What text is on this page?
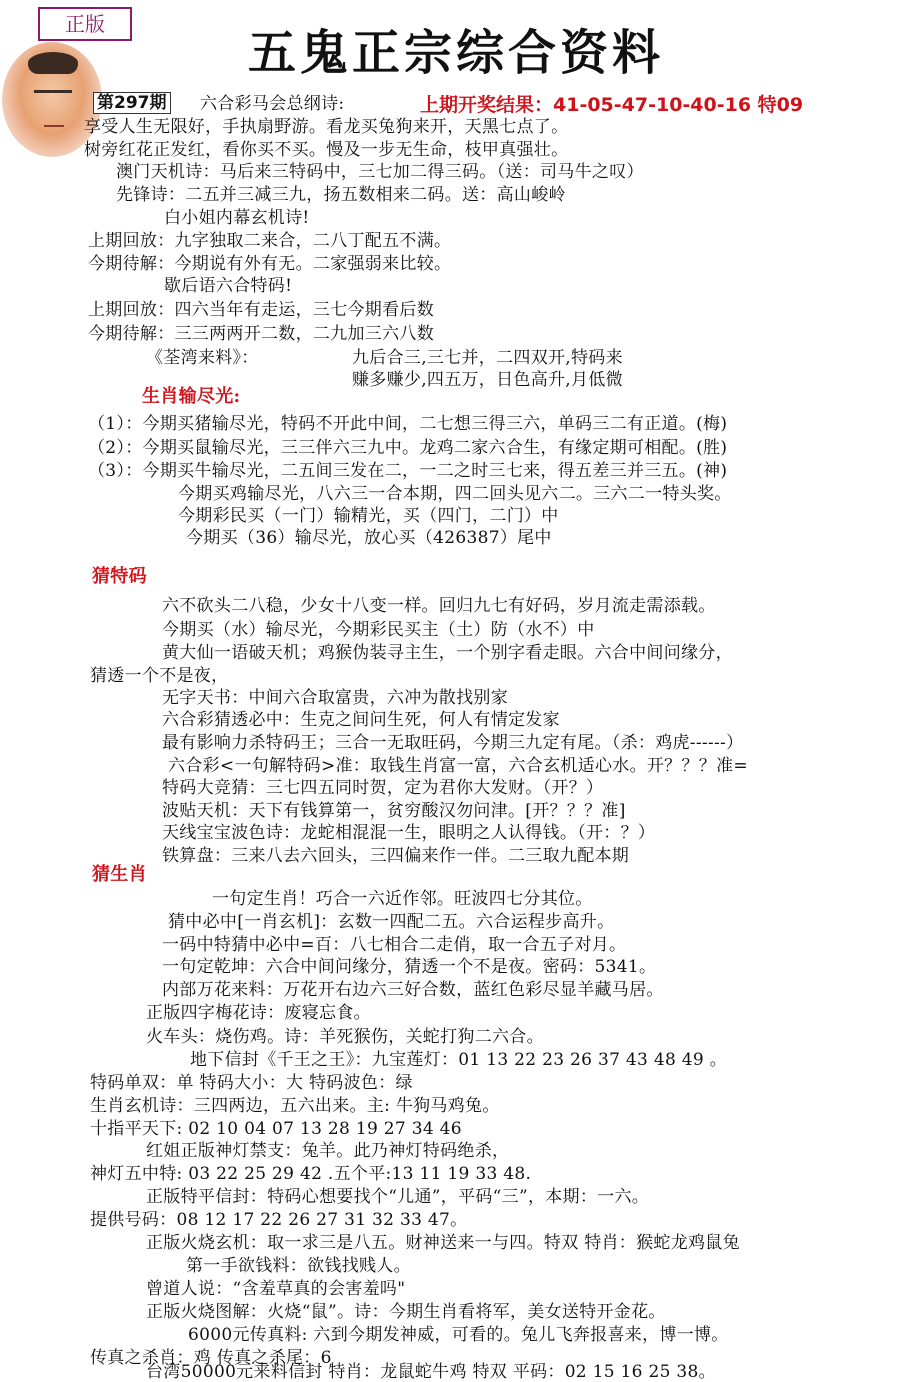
正版
五鬼正宗综合资料
第297期	上期开奖结果：41-05-47-10-40-16 特09
六合彩马会总纲诗:
享受人生无限好，手执扇野游。看龙买兔狗来开，天黑七点了。
树旁红花正发红，看你买不买。慢及一步无生命，枝甲真强壮。
澳门天机诗：马后来三特码中，三七加二得三码。（送：司马牛之叹）
先锋诗：二五并三减三九，扬五数相来二码。送：高山峻岭
白小姐内幕玄机诗!
上期回放：九字独取二来合，二八丁配五不满。
今期待解：今期说有外有无。二家强弱来比较。
歇后语六合特码!
上期回放：四六当年有走运，三七今期看后数
今期待解：三三两两开二数，二九加三六八数
《荃湾来料》：	九后合三,三七并，二四双开,特码来
赚多赚少,四五万，日色高升,月低微
生肖输尽光:
（1）：今期买猪输尽光，特码不开此中间，二七想三得三六，单码三二有正道。(梅)
（2）：今期买鼠输尽光，三三伴六三九中。龙鸡二家六合生，有缘定期可相配。(胜)
（3）：今期买牛输尽光，二五间三发在二，一二之时三七来，得五差三并三五。(神)
今期买鸡输尽光，八六三一合本期，四二回头见六二。三六二一特头奖。
今期彩民买（一门）输精光，买（四门，二门）中
今期买（36）输尽光，放心买（426387）尾中
猜特码
六不砍头二八稳，少女十八变一样。回归九七有好码，岁月流走需添载。
今期买（水）输尽光，今期彩民买主（土）防（水不）中
黄大仙一语破天机；鸡猴伪装寻主生，一个别字看走眼。六合中间问缘分，
猜透一个不是夜，
无字天书：中间六合取富贵，六冲为散找别家
六合彩猜透必中：生克之间问生死，何人有情定发家
最有影响力杀特码王；三合一无取旺码，今期三九定有尾。（杀：鸡虎------）
六合彩<一句解特码>准：取钱生肖富一富，六合玄机适心水。开？？？准=
特码大竞猜：三七四五同时贺，定为君你大发财。（开？）
波贴天机：天下有钱算第一，贫穷酸汉勿问津。[开？？？准]
天线宝宝波色诗：龙蛇相混混一生，眼明之人认得钱。（开：？）
铁算盘：三来八去六回头，三四偏来作一伴。二三取九配本期
猜生肖
一句定生肖！巧合一六近作邻。旺波四七分其位。
猜中必中[一肖玄机]：玄数一四配二五。六合运程步高升。
一码中特猜中必中=百：八七相合二走俏，取一合五子对月。
一句定乾坤：六合中间问缘分，猜透一个不是夜。密码：5341。
内部万花来料：万花开右边六三好合数，蓝红色彩尽显羊藏马居。
正版四字梅花诗：废寝忘食。
火车头：烧伤鸡。诗：羊死猴伤，关蛇打狗二六合。
地下信封《千王之王》：九宝莲灯：01 13 22 23 26 37 43 48 49 。
特码单双：单 特码大小：大 特码波色：绿
生肖玄机诗：三四两边，五六出来。主: 牛狗马鸡兔。
十指平天下: 02 10 04 07 13 28 19 27 34 46
红姐正版神灯禁支：兔羊。此乃神灯特码绝杀，
神灯五中特: 03 22 25 29 42 .五个平:13 11 19 33 48.
正版特平信封：特码心想要找个“儿通”，平码“三”，本期：一六。
提供号码：08 12 17 22 26 27 31 32 33 47。
正版火烧玄机：取一求三是八五。财神送来一与四。特双 特肖：猴蛇龙鸡鼠兔
第一手欲钱料：欲钱找贱人。
曾道人说：“含羞草真的会害羞吗"
正版火烧图解：火烧“鼠”。诗：今期生肖看将军，美女送特开金花。
6000元传真料: 六到今期发神威，可看的。兔儿飞奔报喜来，博一博。
传真之杀肖：鸡 传真之杀尾：6
台湾50000元来料信封 特肖：龙鼠蛇牛鸡 特双 平码：02 15 16 25 38。
